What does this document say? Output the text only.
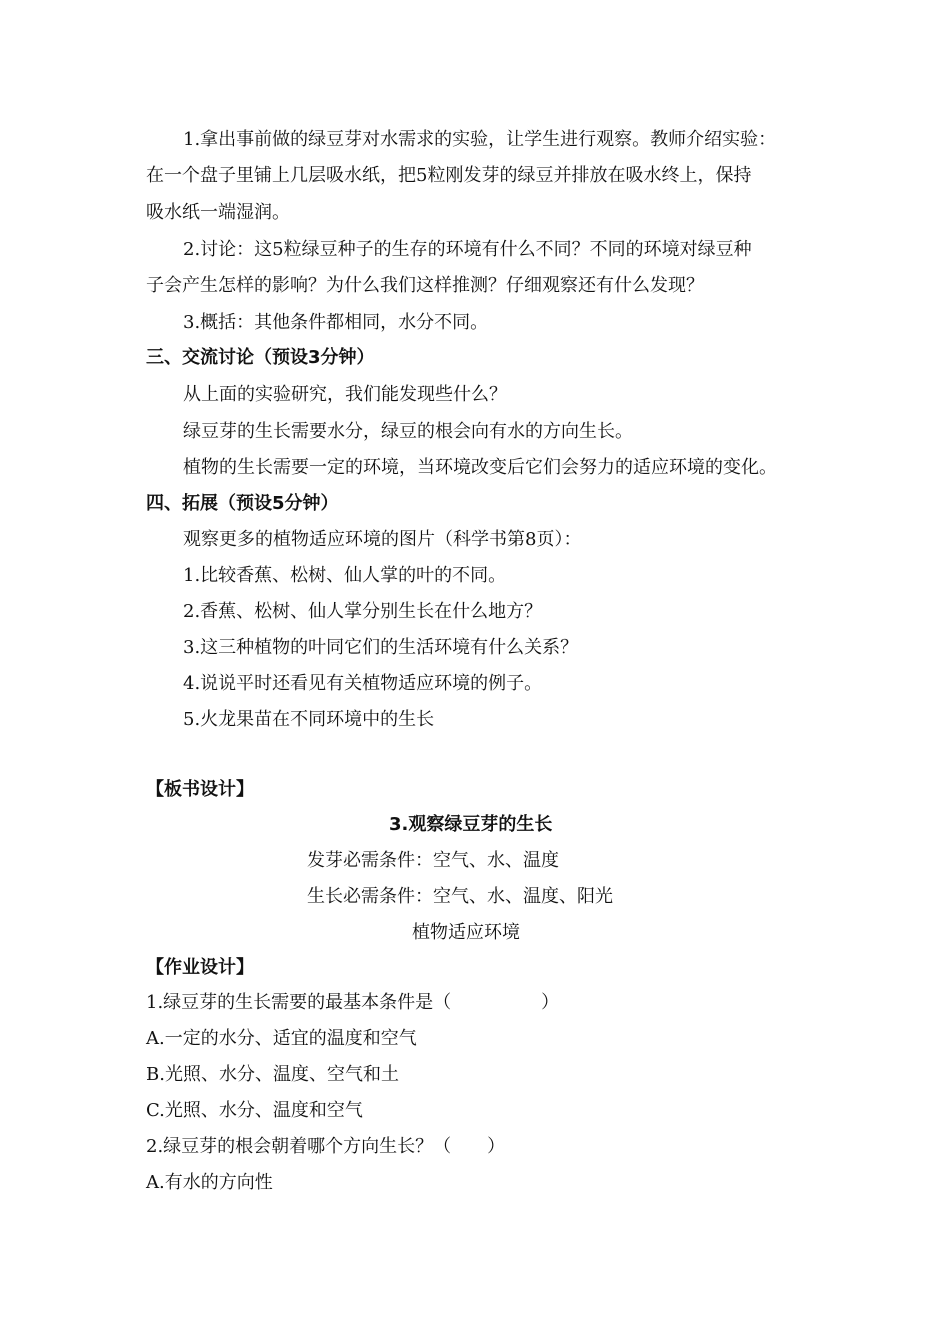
1.拿出事前做的绿豆芽对水需求的实验，让学生进行观察。教师介绍实验：
在一个盘子里铺上几层吸水纸，把5粒刚发芽的绿豆并排放在吸水终上，保持
吸水纸一端湿润。
2.讨论：这5粒绿豆种子的生存的环境有什么不同？不同的环境对绿豆种
子会产生怎样的影响？为什么我们这样推测？仔细观察还有什么发现？
3.概括：其他条件都相同，水分不同。
三、交流讨论（预设3分钟）
从上面的实验研究，我们能发现些什么？
绿豆芽的生长需要水分，绿豆的根会向有水的方向生长。
植物的生长需要一定的环境，当环境改变后它们会努力的适应环境的变化。
四、拓展（预设5分钟）
观察更多的植物适应环境的图片（科学书第8页）：
1.比较香蕉、松树、仙人掌的叶的不同。
2.香蕉、松树、仙人掌分别生长在什么地方？
3.这三种植物的叶同它们的生活环境有什么关系？
4.说说平时还看见有关植物适应环境的例子。
5.火龙果苗在不同环境中的生长
【板书设计】
3.观察绿豆芽的生长
发芽必需条件：空气、水、温度
生长必需条件：空气、水、温度、阳光
植物适应环境
【作业设计】
1.绿豆芽的生长需要的最基本条件是（　　　　　）
A.一定的水分、适宜的温度和空气
B.光照、水分、温度、空气和土
C.光照、水分、温度和空气
2.绿豆芽的根会朝着哪个方向生长？（　　）
A.有水的方向性
